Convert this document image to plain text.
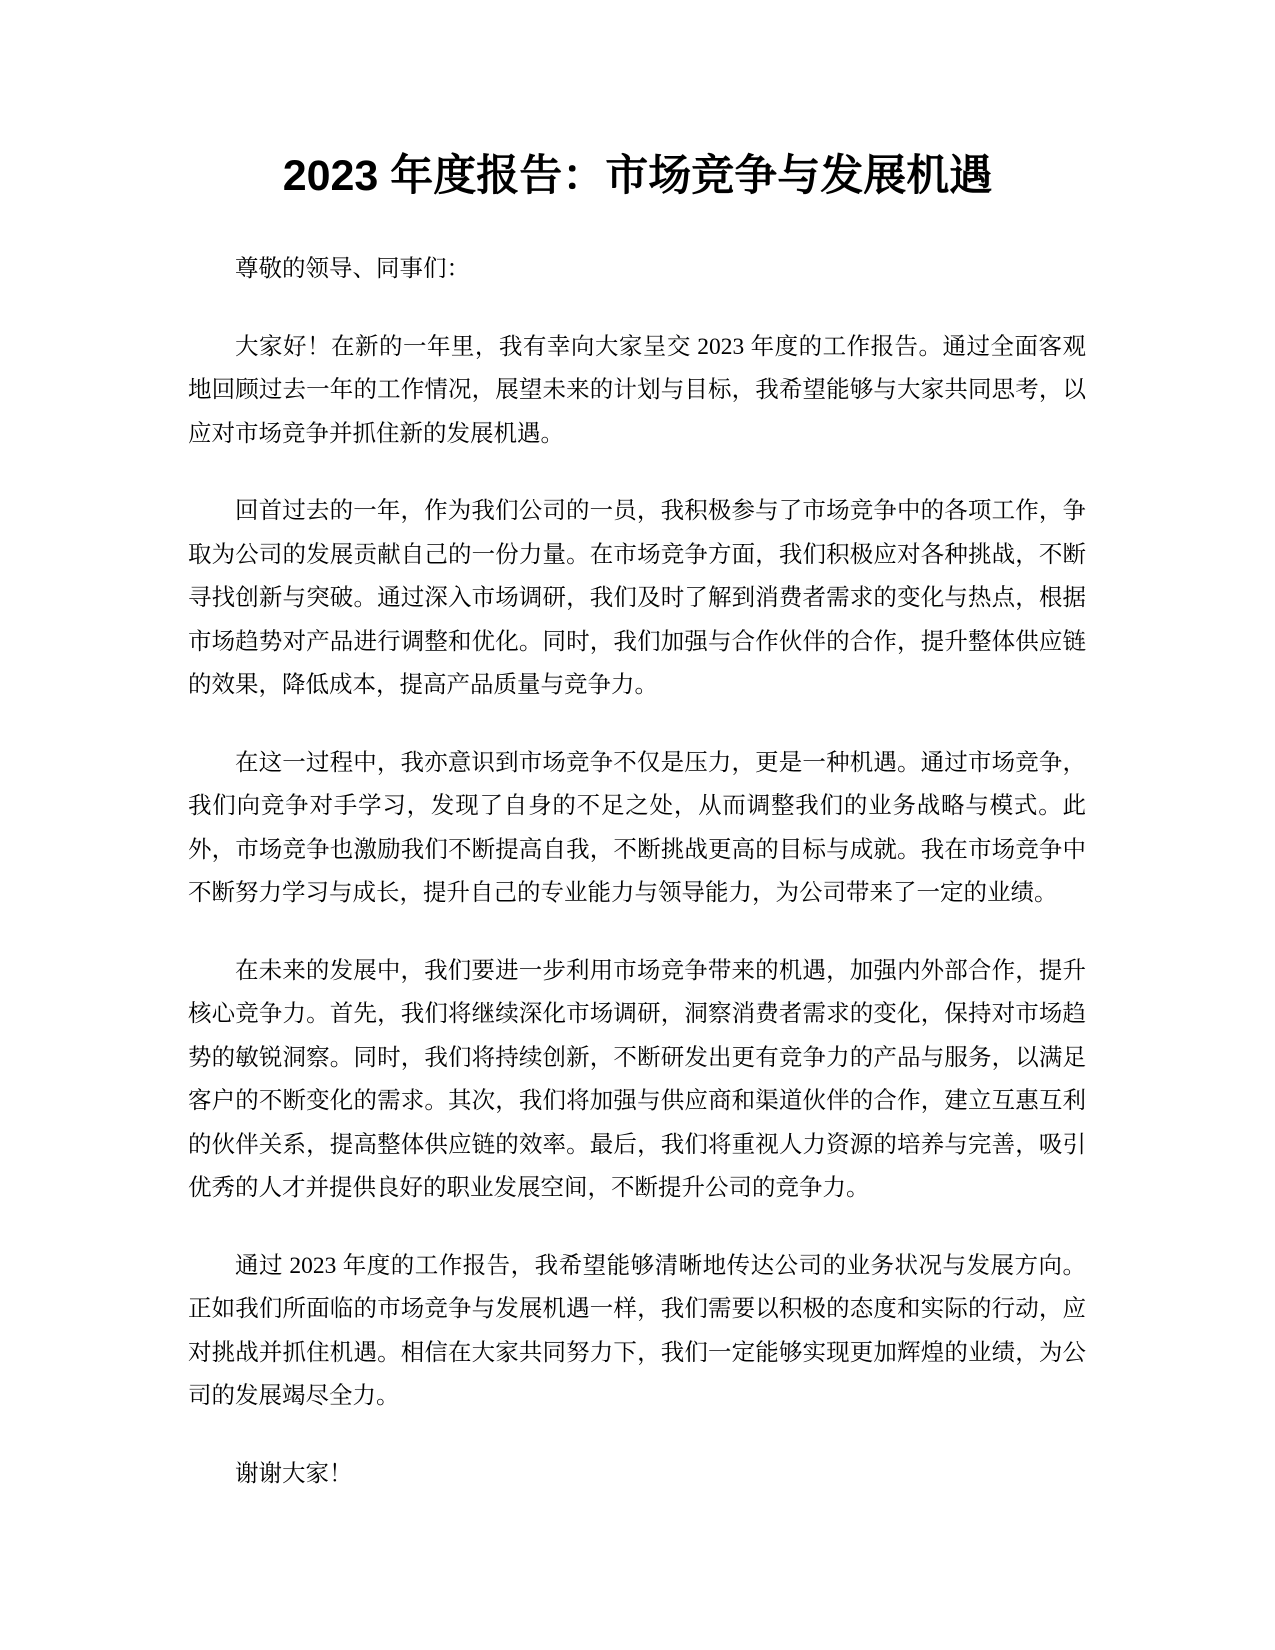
2023 年度报告：市场竞争与发展机遇

尊敬的领导、同事们：

大家好！在新的一年里，我有幸向大家呈交 2023 年度的工作报告。通过全面客观地回顾过去一年的工作情况，展望未来的计划与目标，我希望能够与大家共同思考，以应对市场竞争并抓住新的发展机遇。

回首过去的一年，作为我们公司的一员，我积极参与了市场竞争中的各项工作，争取为公司的发展贡献自己的一份力量。在市场竞争方面，我们积极应对各种挑战，不断寻找创新与突破。通过深入市场调研，我们及时了解到消费者需求的变化与热点，根据市场趋势对产品进行调整和优化。同时，我们加强与合作伙伴的合作，提升整体供应链的效果，降低成本，提高产品质量与竞争力。

在这一过程中，我亦意识到市场竞争不仅是压力，更是一种机遇。通过市场竞争，我们向竞争对手学习，发现了自身的不足之处，从而调整我们的业务战略与模式。此外，市场竞争也激励我们不断提高自我，不断挑战更高的目标与成就。我在市场竞争中不断努力学习与成长，提升自己的专业能力与领导能力，为公司带来了一定的业绩。

在未来的发展中，我们要进一步利用市场竞争带来的机遇，加强内外部合作，提升核心竞争力。首先，我们将继续深化市场调研，洞察消费者需求的变化，保持对市场趋势的敏锐洞察。同时，我们将持续创新，不断研发出更有竞争力的产品与服务，以满足客户的不断变化的需求。其次，我们将加强与供应商和渠道伙伴的合作，建立互惠互利的伙伴关系，提高整体供应链的效率。最后，我们将重视人力资源的培养与完善，吸引优秀的人才并提供良好的职业发展空间，不断提升公司的竞争力。

通过 2023 年度的工作报告，我希望能够清晰地传达公司的业务状况与发展方向。正如我们所面临的市场竞争与发展机遇一样，我们需要以积极的态度和实际的行动，应对挑战并抓住机遇。相信在大家共同努力下，我们一定能够实现更加辉煌的业绩，为公司的发展竭尽全力。

谢谢大家！
